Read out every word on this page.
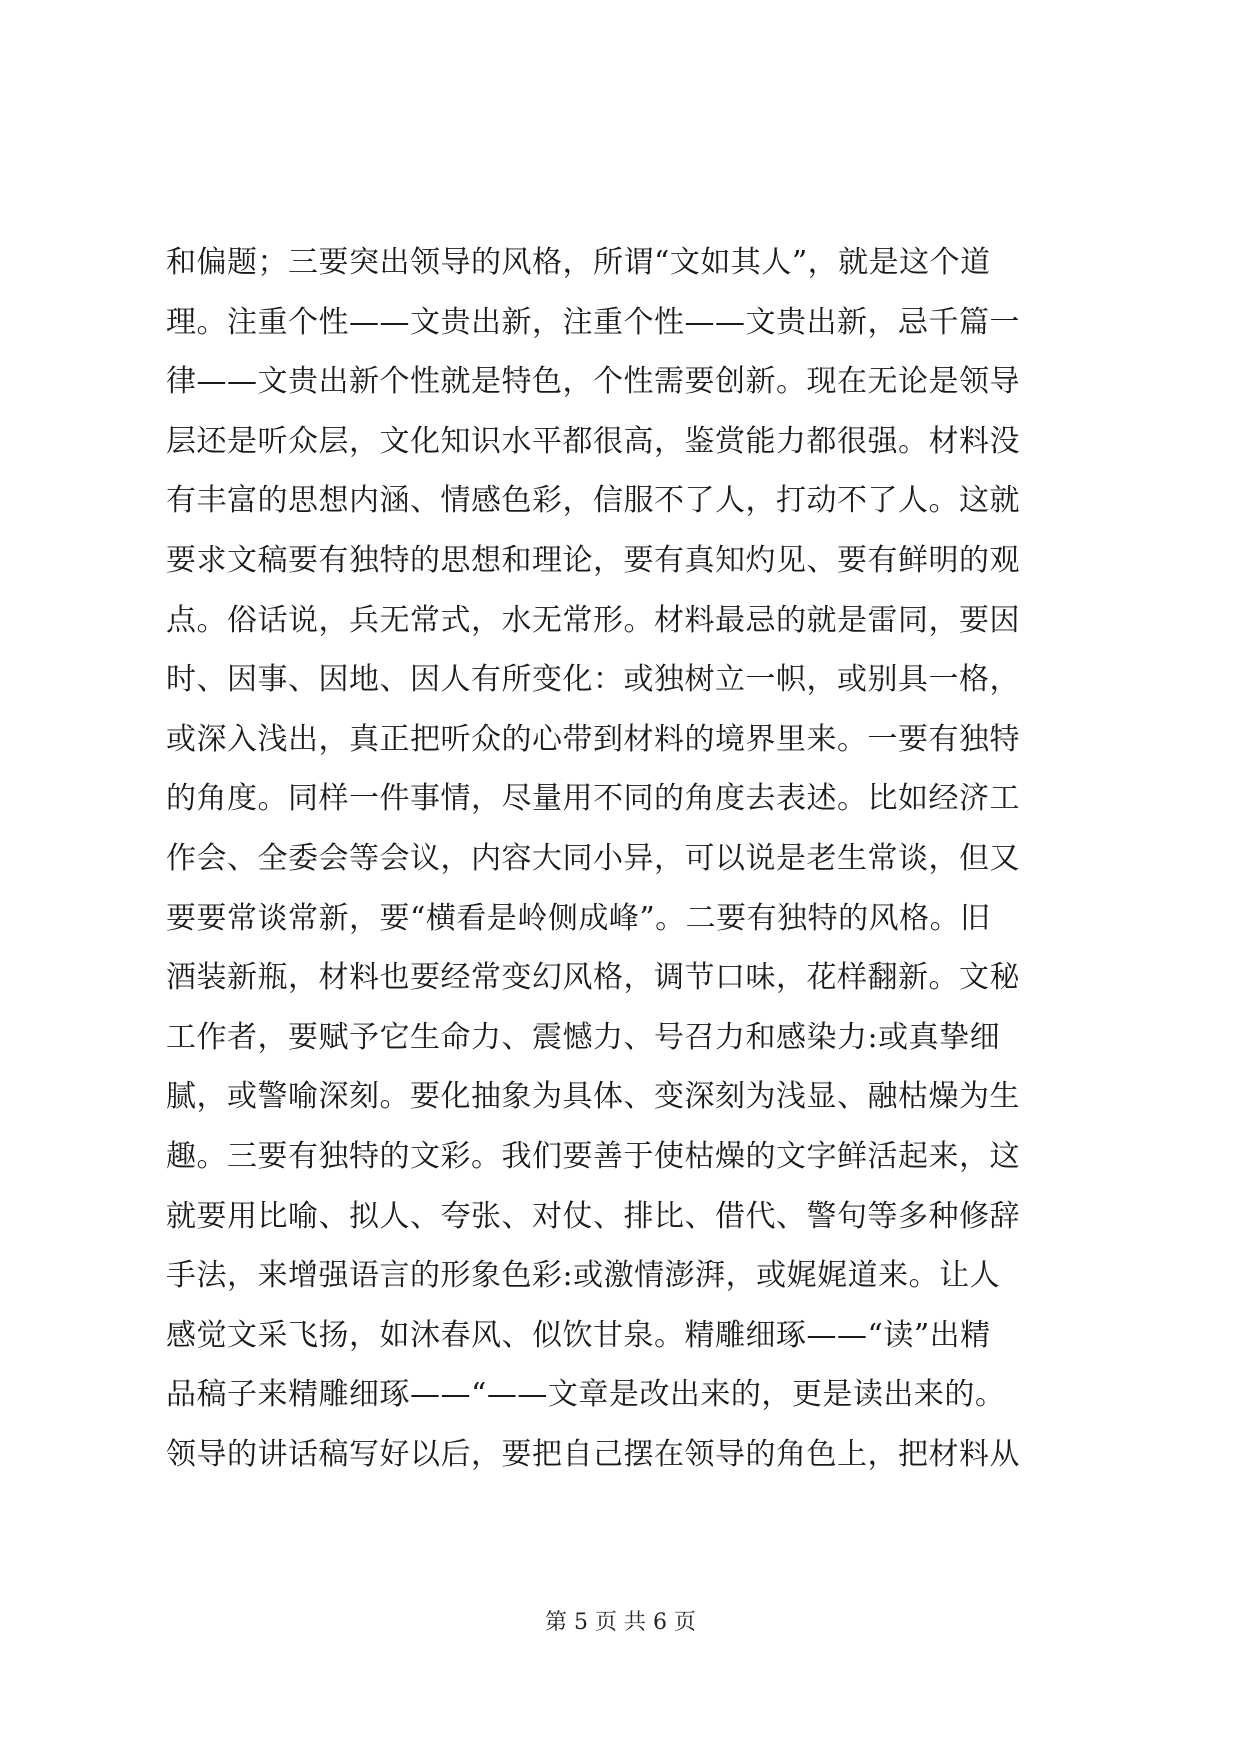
和偏题；三要突出领导的风格，所谓“文如其人”，就是这个道
理。注重个性——文贵出新，注重个性——文贵出新，忌千篇一
律——文贵出新个性就是特色，个性需要创新。现在无论是领导
层还是听众层，文化知识水平都很高，鉴赏能力都很强。材料没
有丰富的思想内涵、情感色彩，信服不了人，打动不了人。这就
要求文稿要有独特的思想和理论，要有真知灼见、要有鲜明的观
点。俗话说，兵无常式，水无常形。材料最忌的就是雷同，要因
时、因事、因地、因人有所变化：或独树立一帜，或别具一格，
或深入浅出，真正把听众的心带到材料的境界里来。一要有独特
的角度。同样一件事情，尽量用不同的角度去表述。比如经济工
作会、全委会等会议，内容大同小异，可以说是老生常谈，但又
要要常谈常新，要“横看是岭侧成峰”。二要有独特的风格。旧
酒装新瓶，材料也要经常变幻风格，调节口味，花样翻新。文秘
工作者，要赋予它生命力、震憾力、号召力和感染力:或真挚细
腻，或警喻深刻。要化抽象为具体、变深刻为浅显、融枯燥为生
趣。三要有独特的文彩。我们要善于使枯燥的文字鲜活起来，这
就要用比喻、拟人、夸张、对仗、排比、借代、警句等多种修辞
手法，来增强语言的形象色彩:或激情澎湃，或娓娓道来。让人
感觉文采飞扬，如沐春风、似饮甘泉。精雕细琢——“读”出精
品稿子来精雕细琢——“——文章是改出来的，更是读出来的。
领导的讲话稿写好以后，要把自己摆在领导的角色上，把材料从
第 5 页 共 6 页
